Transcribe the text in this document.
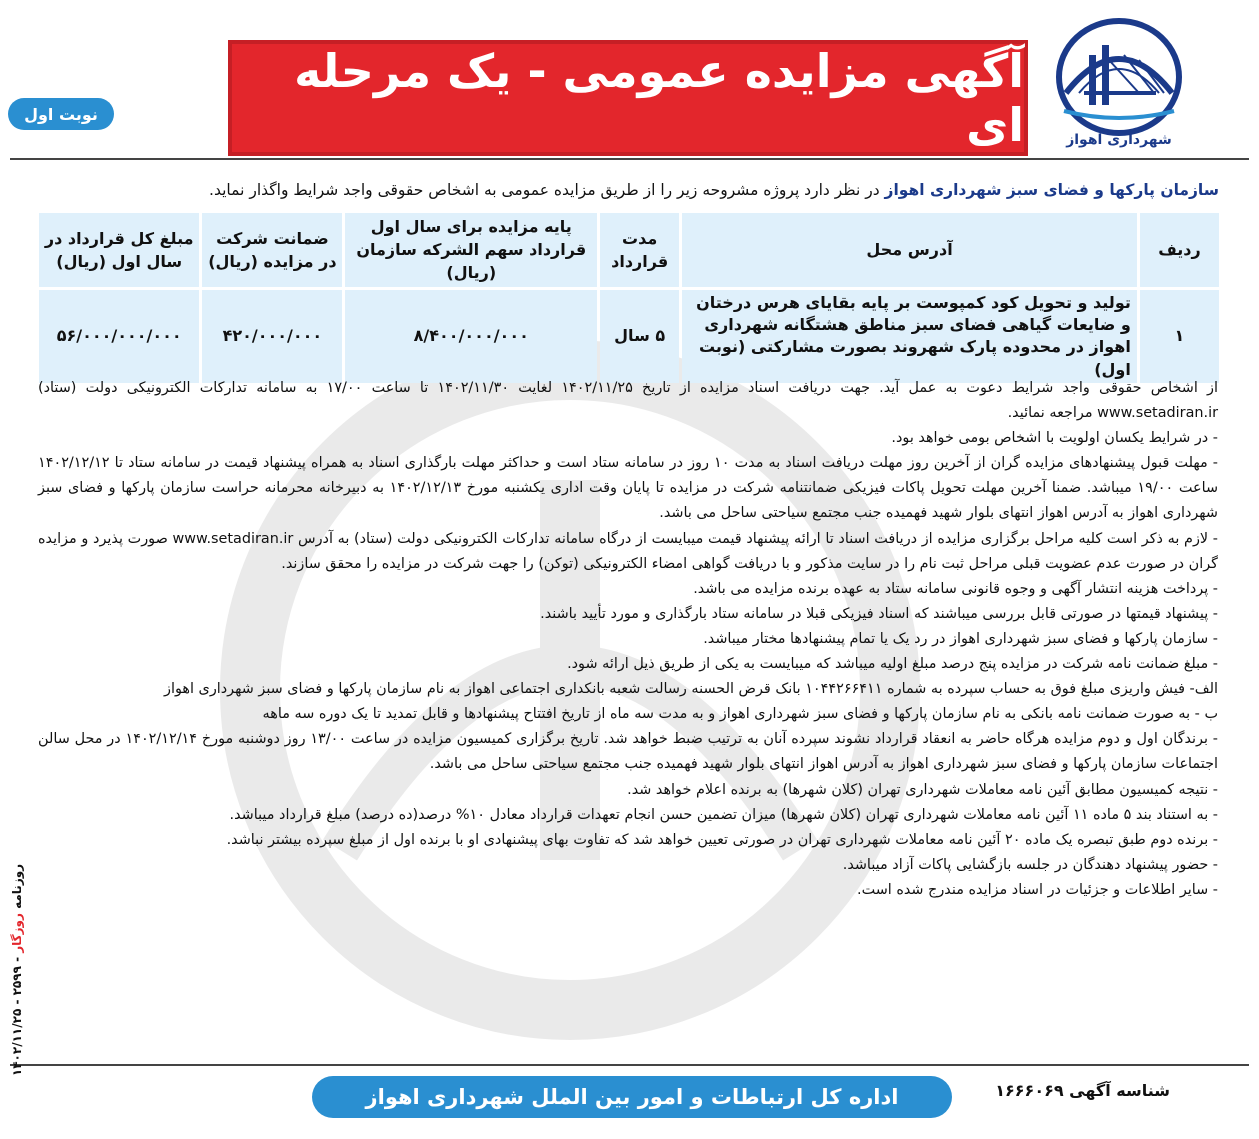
شهرداری اهواز
آگهی مزایده عمومی - یک مرحله ای
نوبت اول
سازمان پارکها و فضای سبز شهرداری اهواز در نظر دارد پروژه مشروحه زیر را از طریق مزایده عمومی به اشخاص حقوقی واجد شرایط واگذار نماید.
ردیف	آدرس محل	مدت قرارداد	پایه مزایده برای سال اول قرارداد سهم الشرکه سازمان (ریال)	ضمانت شرکت در مزایده (ریال)	مبلغ کل قرارداد در سال اول (ریال)
۱	تولید و تحویل کود کمپوست بر پایه بقایای هرس درختان و ضایعات گیاهی فضای سبز مناطق هشتگانه شهرداری اهواز در محدوده پارک شهروند بصورت مشارکتی (نوبت اول)	۵ سال	۸/۴۰۰/۰۰۰/۰۰۰	۴۲۰/۰۰۰/۰۰۰	۵۶/۰۰۰/۰۰۰/۰۰۰

از اشخاص حقوقی واجد شرایط دعوت به عمل آید. جهت دریافت اسناد مزایده از تاریخ ۱۴۰۲/۱۱/۲۵ لغایت ۱۴۰۲/۱۱/۳۰ تا ساعت ۱۷/۰۰ به سامانه تدارکات الکترونیکی دولت (ستاد) www.setadiran.ir مراجعه نمائید.

- در شرایط یکسان اولویت با اشخاص بومی خواهد بود.

- مهلت قبول پیشنهادهای مزایده گران از آخرین روز مهلت دریافت اسناد به مدت ۱۰ روز در سامانه ستاد است و حداکثر مهلت بارگذاری اسناد به همراه پیشنهاد قیمت در سامانه ستاد تا ۱۴۰۲/۱۲/۱۲ ساعت ۱۹/۰۰ میباشد. ضمنا آخرین مهلت تحویل پاکات فیزیکی ضمانتنامه شرکت در مزایده تا پایان وقت اداری یکشنبه مورخ ۱۴۰۲/۱۲/۱۳ به دبیرخانه محرمانه حراست سازمان پارکها و فضای سبز شهرداری اهواز به آدرس اهواز انتهای بلوار شهید فهمیده جنب مجتمع سیاحتی ساحل می باشد.

- لازم به ذکر است کلیه مراحل برگزاری مزایده از دریافت اسناد تا ارائه پیشنهاد قیمت میبایست از درگاه سامانه تدارکات الکترونیکی دولت (ستاد) به آدرس www.setadiran.ir صورت پذیرد و مزایده گران در صورت عدم عضویت قبلی مراحل ثبت نام را در سایت مذکور و با دریافت گواهی امضاء الکترونیکی (توکن) را جهت شرکت در مزایده را محقق سازند.

- پرداخت هزینه انتشار آگهی و وجوه قانونی سامانه ستاد به عهده برنده مزایده می باشد.

- پیشنهاد قیمتها در صورتی قابل بررسی میباشند که اسناد فیزیکی قبلا در سامانه ستاد بارگذاری و مورد تأیید باشند.

- سازمان پارکها و فضای سبز شهرداری اهواز در رد یک یا تمام پیشنهادها مختار میباشد.

- مبلغ ضمانت نامه شرکت در مزایده پنج درصد مبلغ اولیه میباشد که میبایست به یکی از طریق ذیل ارائه شود.

الف- فیش واریزی مبلغ فوق به حساب سپرده به شماره ۱۰۴۴۲۶۶۴۱۱ بانک قرض الحسنه رسالت شعبه بانکداری اجتماعی اهواز به نام سازمان پارکها و فضای سبز شهرداری اهواز

ب - به صورت ضمانت نامه بانکی به نام سازمان پارکها و فضای سبز شهرداری اهواز و به مدت سه ماه از تاریخ افتتاح پیشنهادها و قابل تمدید تا یک دوره سه ماهه

- برندگان اول و دوم مزایده هرگاه حاضر به انعقاد قرارداد نشوند سپرده آنان به ترتیب ضبط خواهد شد. تاریخ برگزاری کمیسیون مزایده در ساعت ۱۳/۰۰ روز دوشنبه مورخ ۱۴۰۲/۱۲/۱۴ در محل سالن اجتماعات سازمان پارکها و فضای سبز شهرداری اهواز به آدرس اهواز انتهای بلوار شهید فهمیده جنب مجتمع سیاحتی ساحل می باشد.

- نتیجه کمیسیون مطابق آئین نامه معاملات شهرداری تهران (کلان شهرها) به برنده اعلام خواهد شد.

- به استناد بند ۵ ماده ۱۱ آئین نامه معاملات شهرداری تهران (کلان شهرها) میزان تضمین حسن انجام تعهدات قرارداد معادل ۱۰% درصد(ده درصد) مبلغ قرارداد میباشد.

- برنده دوم طبق تبصره یک ماده ۲۰ آئین نامه معاملات شهرداری تهران در صورتی تعیین خواهد شد که تفاوت بهای پیشنهادی او با برنده اول از مبلغ سپرده بیشتر نباشد.

- حضور پیشنهاد دهندگان در جلسه بازگشایی پاکات آزاد میباشد.

- سایر اطلاعات و جزئیات در اسناد مزایده مندرج شده است.

شناسه آگهی ۱۶۶۶۰۶۹
اداره کل ارتباطات و امور بین الملل شهرداری اهواز
روزنامه روزگار - ۲۵۹۹ - ۱۴۰۲/۱۱/۲۵
